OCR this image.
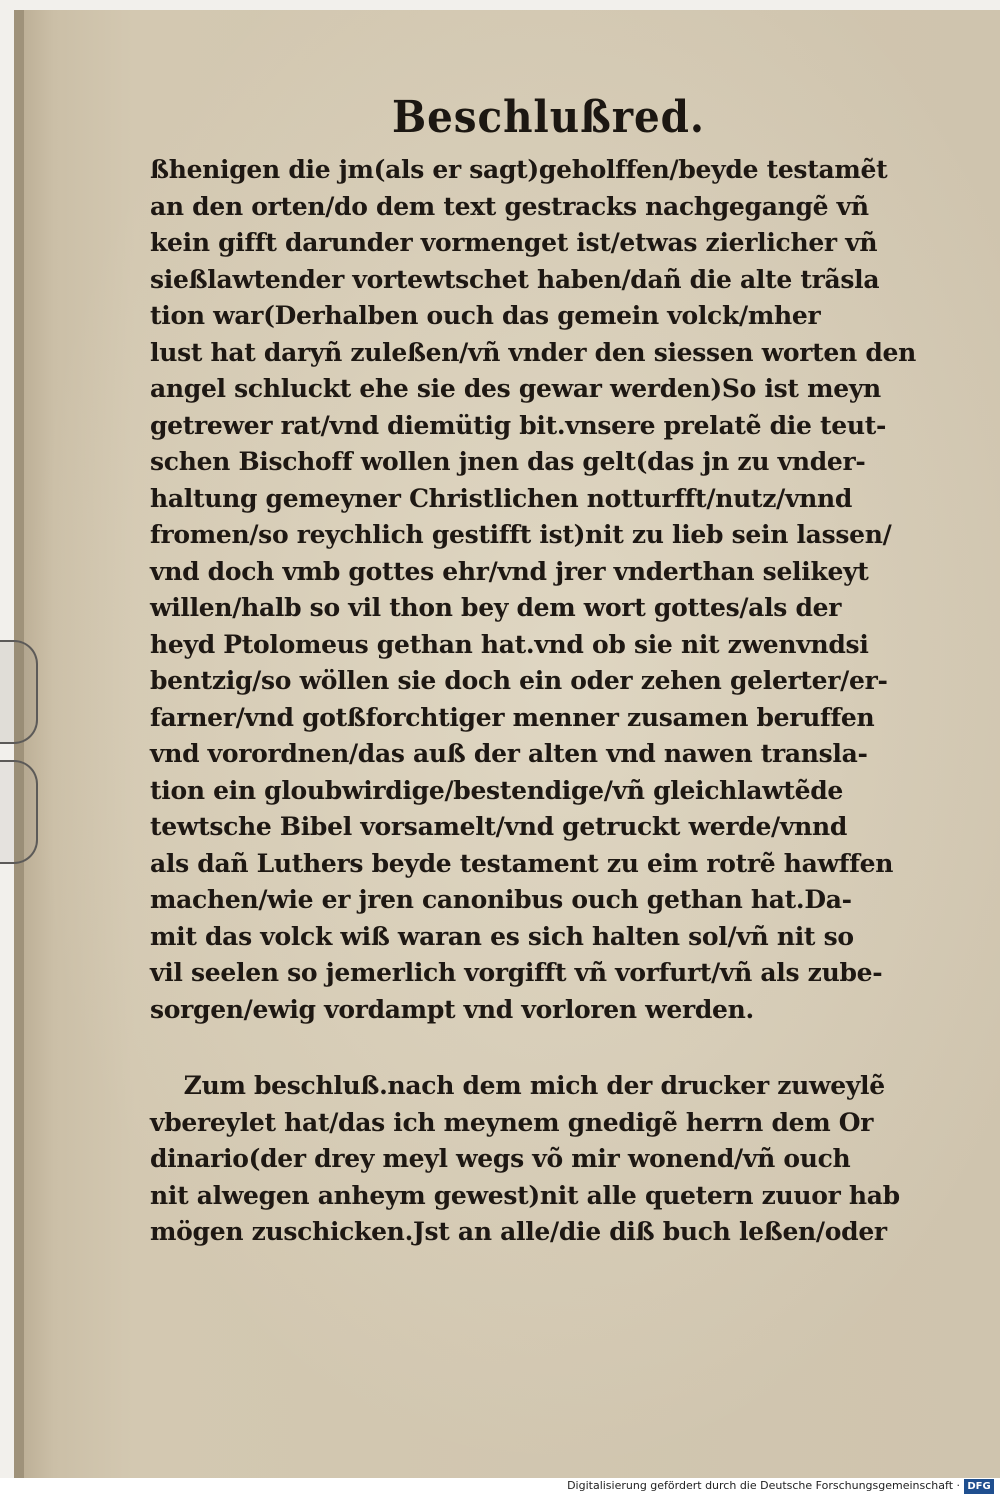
Beschlußred.
ßhenigen die jm(als er sagt)geholffen/beyde testamẽt
an den orten/do dem text gestracks nachgegangẽ vñ
kein gifft darunder vormenget ist/etwas zierlicher vñ
sießlawtender vortewtschet haben/dañ die alte trãsla
tion war(Derhalben ouch das gemein volck/mher
lust hat daryñ zuleßen/vñ vnder den siessen worten den
angel schluckt ehe sie des gewar werden)So ist meyn
getrewer rat/vnd diemütig bit.vnsere prelatẽ die teut-
schen Bischoff wollen jnen das gelt(das jn zu vnder-
haltung gemeyner Christlichen notturfft/nutz/vnnd
fromen/so reychlich gestifft ist)nit zu lieb sein lassen/
vnd doch vmb gottes ehr/vnd jrer vnderthan selikeyt
willen/halb so vil thon bey dem wort gottes/als der
heyd Ptolomeus gethan hat.vnd ob sie nit zwenvndsi
bentzig/so wöllen sie doch ein oder zehen gelerter/er-
farner/vnd gotßforchtiger menner zusamen beruffen
vnd vorordnen/das auß der alten vnd nawen transla-
tion ein gloubwirdige/bestendige/vñ gleichlawtẽde
tewtsche Bibel vorsamelt/vnd getruckt werde/vnnd
als dañ Luthers beyde testament zu eim rotrẽ hawffen
machen/wie er jren canonibus ouch gethan hat.Da-
mit das volck wiß waran es sich halten sol/vñ nit so
vil seelen so jemerlich vorgifft vñ vorfurt/vñ als zube-
sorgen/ewig vordampt vnd vorloren werden.
Zum beschluß.nach dem mich der drucker zuweylẽ
vbereylet hat/das ich meynem gnedigẽ herrn dem Or
dinario(der drey meyl wegs võ mir wonend/vñ ouch
nit alwegen anheym gewest)nit alle quetern zuuor hab
mögen zuschicken.Jst an alle/die diß buch leßen/oder
Digitalisierung gefördert durch die Deutsche Forschungsgemeinschaft · DFG
